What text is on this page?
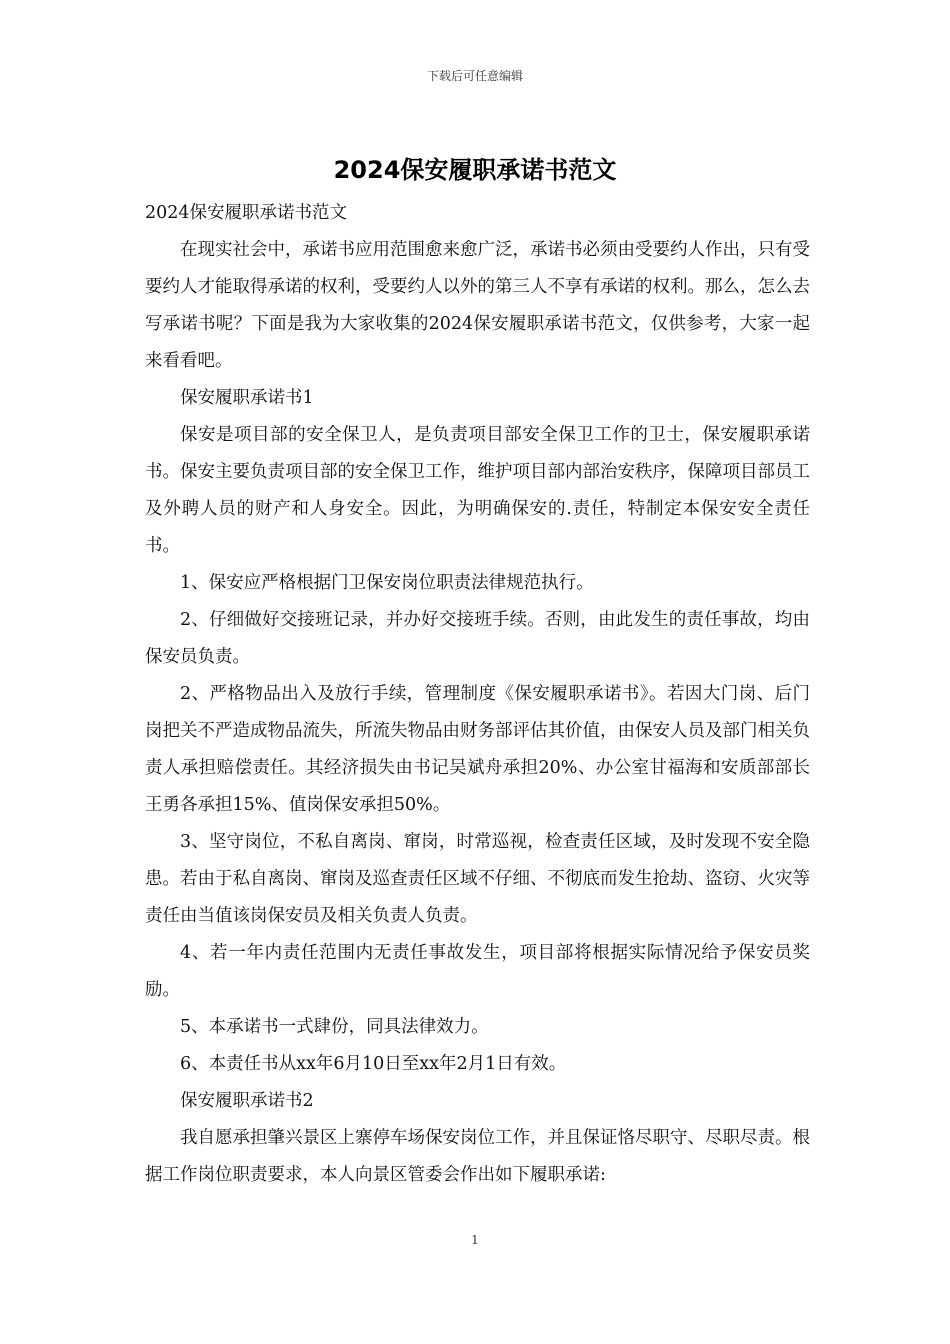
下载后可任意编辑
2024保安履职承诺书范文

2024保安履职承诺书范文

在现实社会中，承诺书应用范围愈来愈广泛，承诺书必须由受要约人作出，只有受要约人才能取得承诺的权利，受要约人以外的第三人不享有承诺的权利。那么，怎么去写承诺书呢？下面是我为大家收集的2024保安履职承诺书范文，仅供参考，大家一起来看看吧。

保安履职承诺书1

保安是项目部的安全保卫人，是负责项目部安全保卫工作的卫士，保安履职承诺书。保安主要负责项目部的安全保卫工作，维护项目部内部治安秩序，保障项目部员工及外聘人员的财产和人身安全。因此，为明确保安的.责任，特制定本保安安全责任书。

1、保安应严格根据门卫保安岗位职责法律规范执行。

2、仔细做好交接班记录，并办好交接班手续。否则，由此发生的责任事故，均由保安员负责。

2、严格物品出入及放行手续，管理制度《保安履职承诺书》。若因大门岗、后门岗把关不严造成物品流失，所流失物品由财务部评估其价值，由保安人员及部门相关负责人承担赔偿责任。其经济损失由书记吴斌舟承担20%、办公室甘福海和安质部部长王勇各承担15%、值岗保安承担50%。

3、坚守岗位，不私自离岗、窜岗，时常巡视，检查责任区域，及时发现不安全隐患。若由于私自离岗、窜岗及巡查责任区域不仔细、不彻底而发生抢劫、盗窃、火灾等责任由当值该岗保安员及相关负责人负责。

4、若一年内责任范围内无责任事故发生，项目部将根据实际情况给予保安员奖励。

5、本承诺书一式肆份，同具法律效力。

6、本责任书从xx年6月10日至xx年2月1日有效。

保安履职承诺书2

我自愿承担肇兴景区上寨停车场保安岗位工作，并且保证恪尽职守、尽职尽责。根据工作岗位职责要求，本人向景区管委会作出如下履职承诺:

1
